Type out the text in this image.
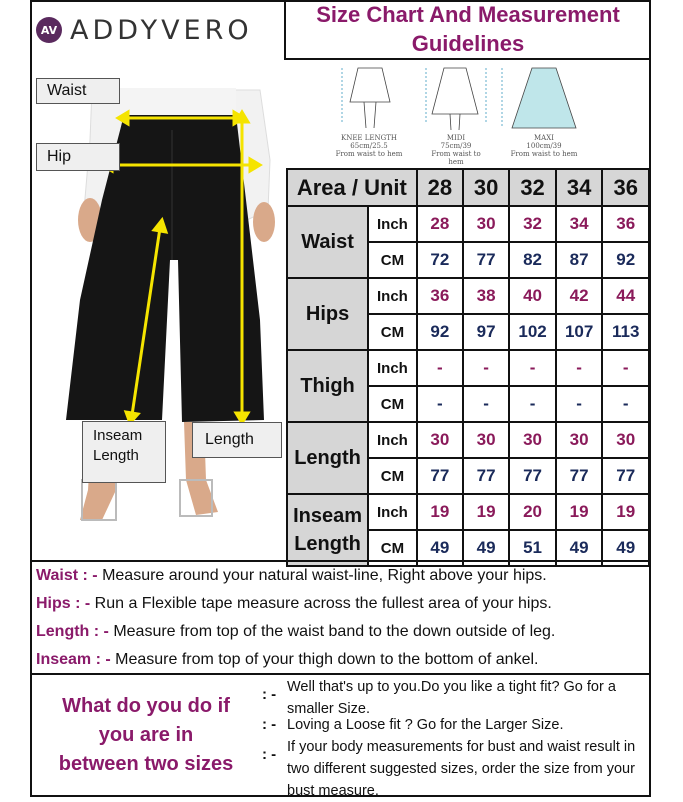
AV ADDYVERO	Size Chart And Measurement
Guidelines
Waist
Hip
Inseam
Length
Length
KNEE LENGTH
65cm/25.5
From waist to hem
MIDI
75cm/39
From waist to hem
MAXI
100cm/39
From waist to hem
Area / Unit		28	30	32	34	36
Waist	Inch	28	30	32	34	36
	CM	72	77	82	87	92
Hips	Inch	36	38	40	42	44
	CM	92	97	102	107	113
Thigh	Inch	-	-	-	-	-
	CM	-	-	-	-	-
Length	Inch	30	30	30	30	30
	CM	77	77	77	77	77

Inseam
Length	Inch	19	19	20	19	19
	CM	49	49	51	49	49
Waist : - Measure around your natural waist-line, Right above your hips.
Hips : - Run a Flexible tape measure across the fullest area of your hips.
Length : - Measure from top of the waist band to the down outside of leg.
Inseam : - Measure from top of your thigh down to the bottom of ankel.
What do you do if
you are in
between two sizes
: -
: -
: -
Well that's up to you.Do you like a tight fit? Go for a smaller Size.
Loving a Loose fit ? Go for the Larger Size.
If your body measurements for bust and waist result in two different suggested sizes, order the size from your bust measure.
